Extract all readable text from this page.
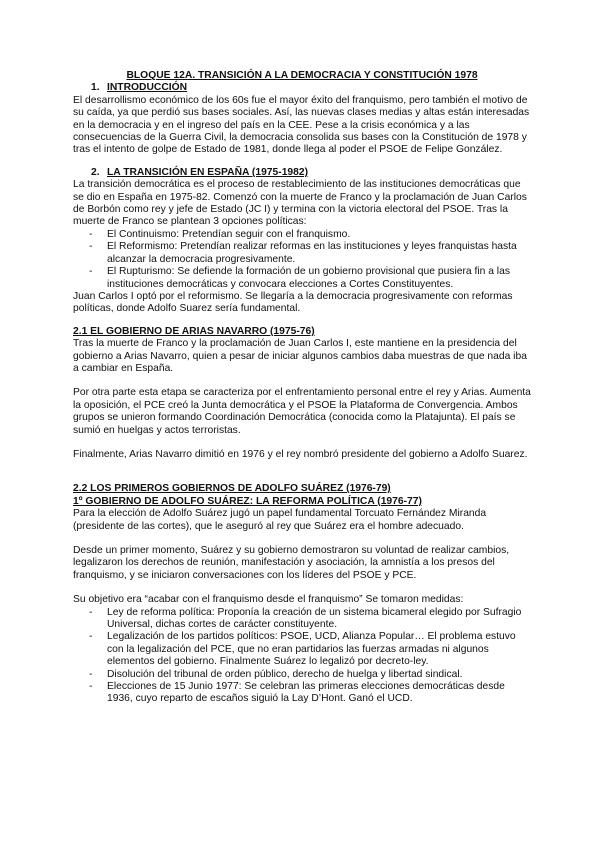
BLOQUE 12A. TRANSICIÓN A LA DEMOCRACIA Y CONSTITUCIÓN 1978
1. INTRODUCCIÓN

El desarrollismo económico de los 60s fue el mayor éxito del franquismo, pero también el motivo de su caída, ya que perdió sus bases sociales. Así, las nuevas clases medias y altas están interesadas en la democracia y en el ingreso del país en la CEE. Pese a la crisis económica y a las consecuencias de la Guerra Civil, la democracia consolida sus bases con la Constitución de 1978 y tras el intento de golpe de Estado de 1981, donde llega al poder el PSOE de Felipe González.

2. LA TRANSICIÓN EN ESPAÑA (1975-1982)

La transición democrática es el proceso de restablecimiento de las instituciones democráticas que se dio en España en 1975-82. Comenzó con la muerte de Franco y la proclamación de Juan Carlos de Borbón como rey y jefe de Estado (JC I) y termina con la victoria electoral del PSOE. Tras la muerte de Franco se plantean 3 opciones políticas:

- El Continuismo: Pretendían seguir con el franquismo.
- El Reformismo: Pretendían realizar reformas en las instituciones y leyes franquistas hasta alcanzar la democracia progresivamente.
- El Rupturismo: Se defiende la formación de un gobierno provisional que pusiera fin a las instituciones democráticas y convocara elecciones a Cortes Constituyentes.

Juan Carlos I optó por el reformismo. Se llegaría a la democracia progresivamente con reformas políticas, donde Adolfo Suarez sería fundamental.

2.1 EL GOBIERNO DE ARIAS NAVARRO (1975-76)

Tras la muerte de Franco y la proclamación de Juan Carlos I, este mantiene en la presidencia del gobierno a Arias Navarro, quien a pesar de iniciar algunos cambios daba muestras de que nada iba a cambiar en España.

Por otra parte esta etapa se caracteriza por el enfrentamiento personal entre el rey y Arias. Aumenta la oposición, el PCE creó la Junta democrática y el PSOE la Plataforma de Convergencia. Ambos grupos se unieron formando Coordinación Democrática (conocida como la Platajunta). El país se sumió en huelgas y actos terroristas.

Finalmente, Arias Navarro dimitió en 1976 y el rey nombró presidente del gobierno a Adolfo Suarez.

2.2 LOS PRIMEROS GOBIERNOS DE ADOLFO SUÁREZ (1976-79)
1º GOBIERNO DE ADOLFO SUÁREZ: LA REFORMA POLÍTICA (1976-77)

Para la elección de Adolfo Suárez jugó un papel fundamental Torcuato Fernández Miranda (presidente de las cortes), que le aseguró al rey que Suárez era el hombre adecuado.

Desde un primer momento, Suárez y su gobierno demostraron su voluntad de realizar cambios, legalizaron los derechos de reunión, manifestación y asociación, la amnistía a los presos del franquismo, y se iniciaron conversaciones con los líderes del PSOE y PCE.

Su objetivo era “acabar con el franquismo desde el franquismo” Se tomaron medidas:

- Ley de reforma política: Proponía la creación de un sistema bicameral elegido por Sufragio Universal, dichas cortes de carácter constituyente.
- Legalización de los partidos políticos: PSOE, UCD, Alianza Popular… El problema estuvo con la legalización del PCE, que no eran partidarios las fuerzas armadas ni algunos elementos del gobierno. Finalmente Suárez lo legalizó por decreto-ley.
- Disolución del tribunal de orden público, derecho de huelga y libertad sindical.
- Elecciones de 15 Junio 1977: Se celebran las primeras elecciones democráticas desde 1936, cuyo reparto de escaños siguió la Lay D’Hont. Ganó el UCD.
